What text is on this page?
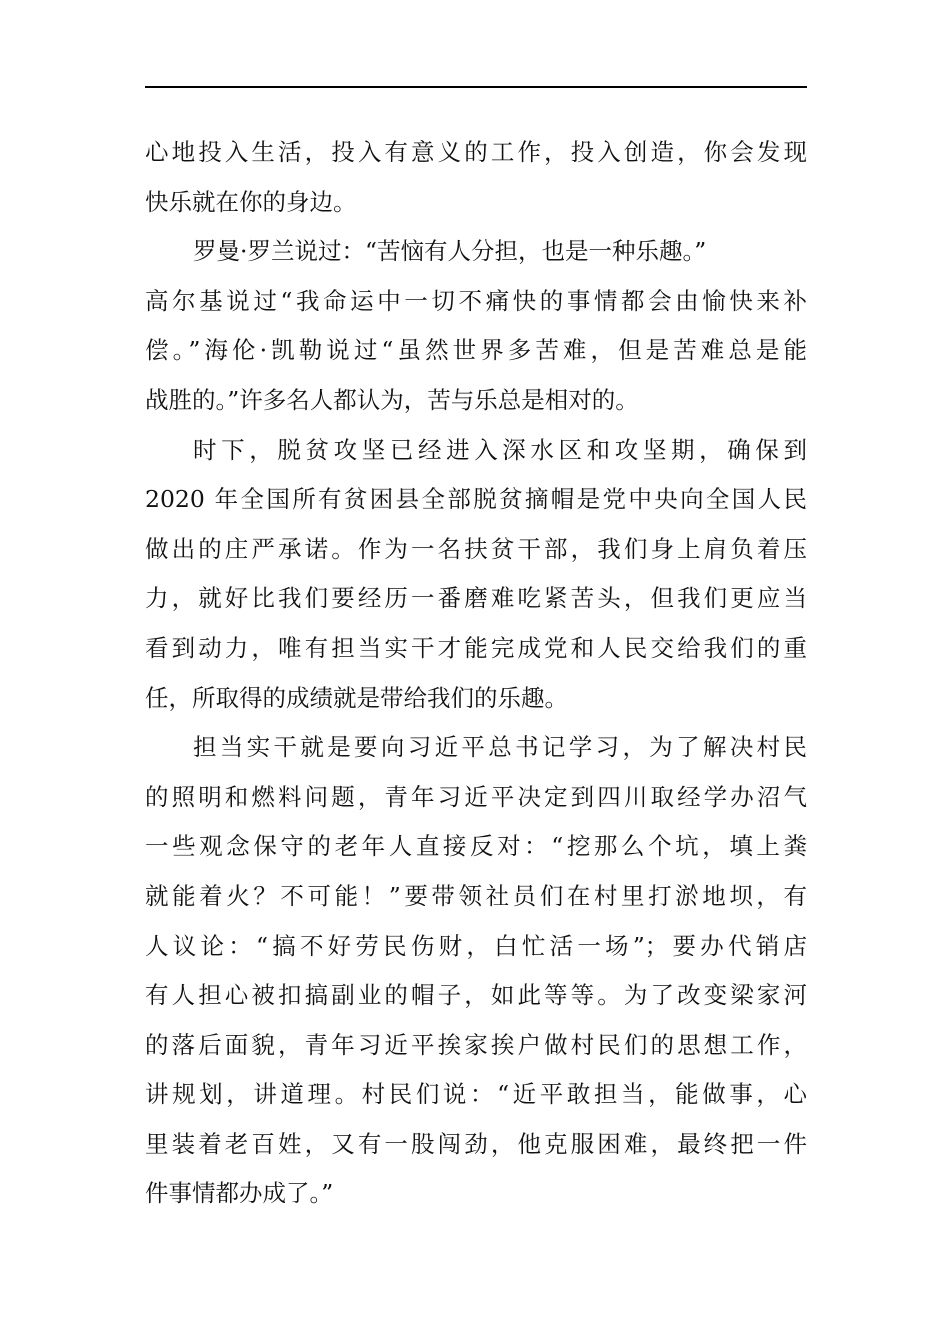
心地投入生活，投入有意义的工作，投入创造，你会发现
快乐就在你的身边。
罗曼·罗兰说过：“苦恼有人分担，也是一种乐趣。”
高尔基说过“我命运中一切不痛快的事情都会由愉快来补
偿。”海伦·凯勒说过“虽然世界多苦难，但是苦难总是能
战胜的。”许多名人都认为，苦与乐总是相对的。
时下，脱贫攻坚已经进入深水区和攻坚期，确保到
2020 年全国所有贫困县全部脱贫摘帽是党中央向全国人民
做出的庄严承诺。作为一名扶贫干部，我们身上肩负着压
力，就好比我们要经历一番磨难吃紧苦头，但我们更应当
看到动力，唯有担当实干才能完成党和人民交给我们的重
任，所取得的成绩就是带给我们的乐趣。
担当实干就是要向习近平总书记学习，为了解决村民
的照明和燃料问题，青年习近平决定到四川取经学办沼气
一些观念保守的老年人直接反对：“挖那么个坑，填上粪
就能着火？不可能！”要带领社员们在村里打淤地坝，有
人议论：“搞不好劳民伤财，白忙活一场”；要办代销店
有人担心被扣搞副业的帽子，如此等等。为了改变梁家河
的落后面貌，青年习近平挨家挨户做村民们的思想工作，
讲规划，讲道理。村民们说：“近平敢担当，能做事，心
里装着老百姓，又有一股闯劲，他克服困难，最终把一件
件事情都办成了。”
